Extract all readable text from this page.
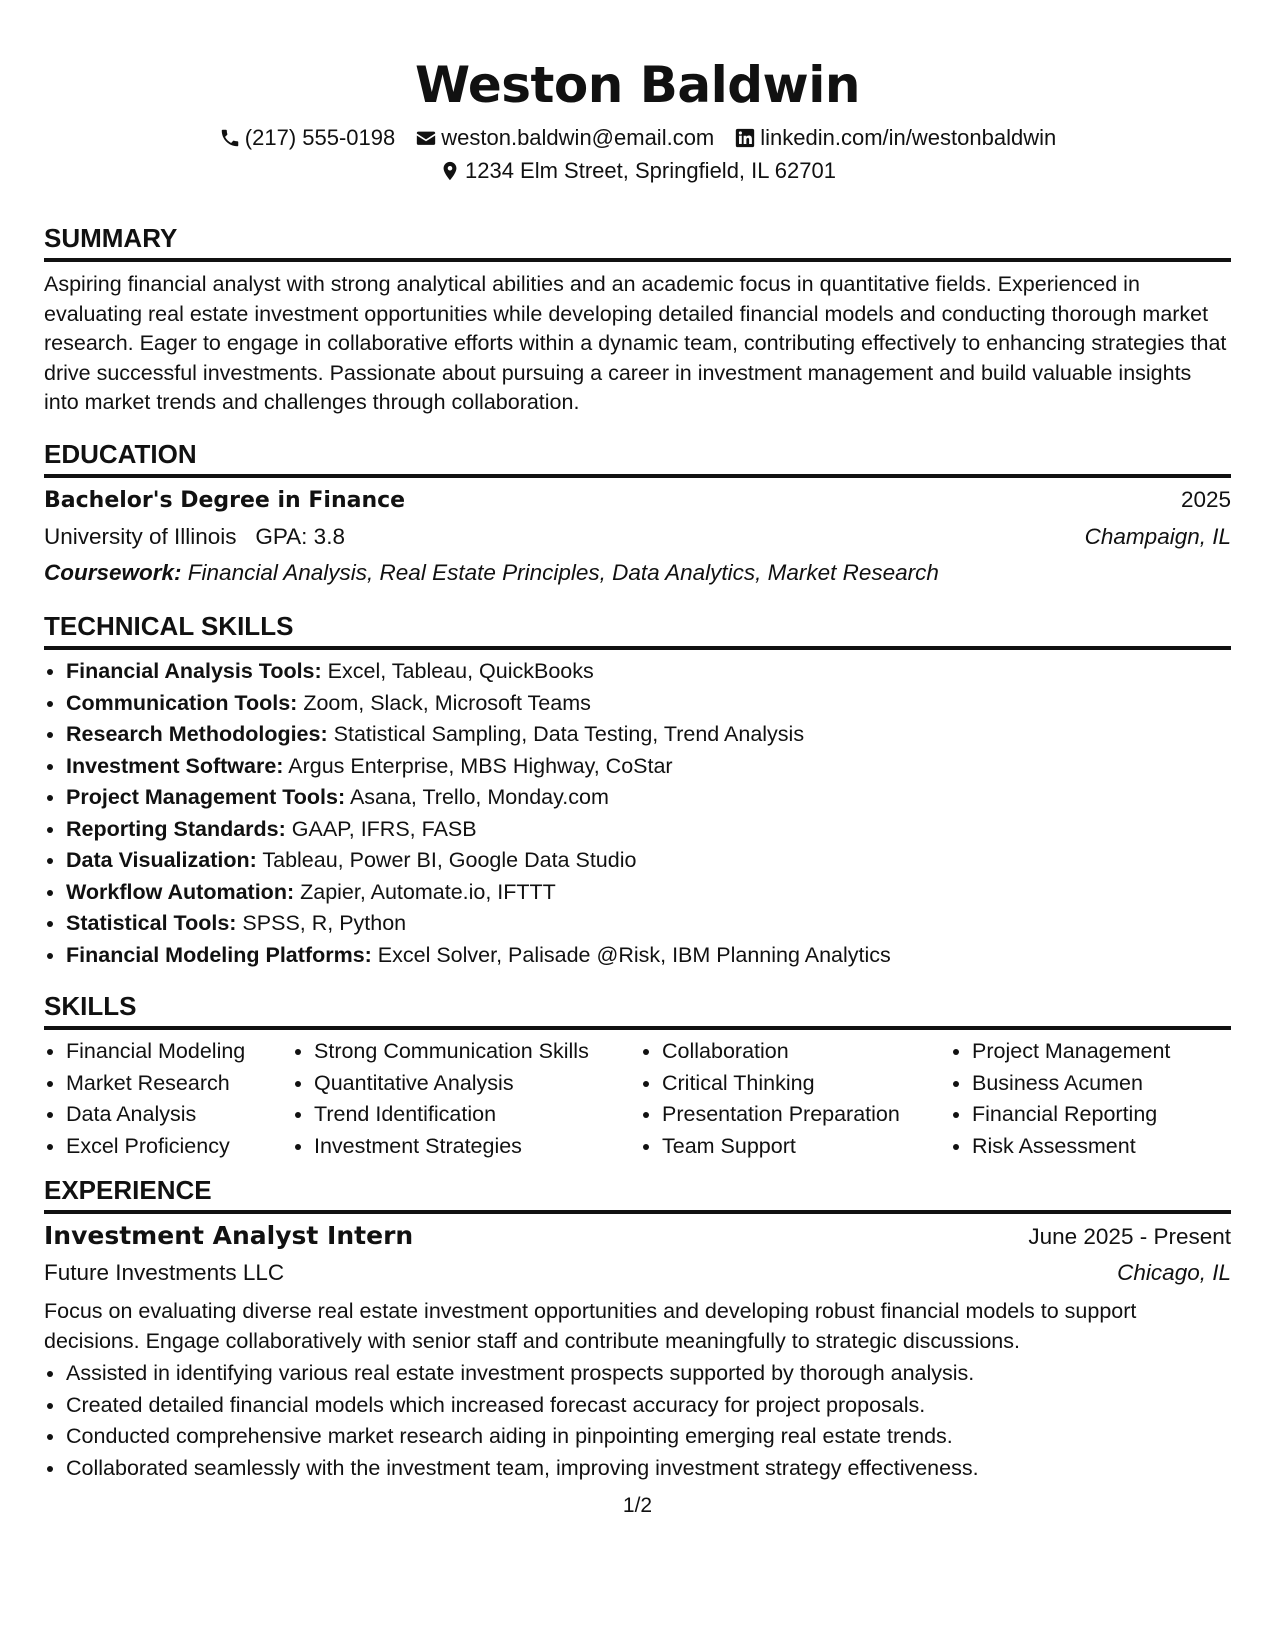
Weston Baldwin
(217) 555-0198 weston.baldwin@email.com linkedin.com/in/westonbaldwin
1234 Elm Street, Springfield, IL 62701
SUMMARY

Aspiring financial analyst with strong analytical abilities and an academic focus in quantitative fields. Experienced in evaluating real estate investment opportunities while developing detailed financial models and conducting thorough market research. Eager to engage in collaborative efforts within a dynamic team, contributing effectively to enhancing strategies that drive successful investments. Passionate about pursuing a career in investment management and build valuable insights into market trends and challenges through collaboration.

EDUCATION
Bachelor's Degree in Finance	2025
University of Illinois GPA: 3.8	Champaign, IL
Coursework: Financial Analysis, Real Estate Principles, Data Analytics, Market Research
TECHNICAL SKILLS
• Financial Analysis Tools: Excel, Tableau, QuickBooks
• Communication Tools: Zoom, Slack, Microsoft Teams
• Research Methodologies: Statistical Sampling, Data Testing, Trend Analysis
• Investment Software: Argus Enterprise, MBS Highway, CoStar
• Project Management Tools: Asana, Trello, Monday.com
• Reporting Standards: GAAP, IFRS, FASB
• Data Visualization: Tableau, Power BI, Google Data Studio
• Workflow Automation: Zapier, Automate.io, IFTTT
• Statistical Tools: SPSS, R, Python
• Financial Modeling Platforms: Excel Solver, Palisade @Risk, IBM Planning Analytics
SKILLS
• Financial Modeling
• Market Research
• Data Analysis
• Excel Proficiency
• Strong Communication Skills
• Quantitative Analysis
• Trend Identification
• Investment Strategies
• Collaboration
• Critical Thinking
• Presentation Preparation
• Team Support
• Project Management
• Business Acumen
• Financial Reporting
• Risk Assessment
EXPERIENCE
Investment Analyst Intern	June 2025 - Present
Future Investments LLC	Chicago, IL

Focus on evaluating diverse real estate investment opportunities and developing robust financial models to support decisions. Engage collaboratively with senior staff and contribute meaningfully to strategic discussions.

• Assisted in identifying various real estate investment prospects supported by thorough analysis.
• Created detailed financial models which increased forecast accuracy for project proposals.
• Conducted comprehensive market research aiding in pinpointing emerging real estate trends.
• Collaborated seamlessly with the investment team, improving investment strategy effectiveness.
1/2
